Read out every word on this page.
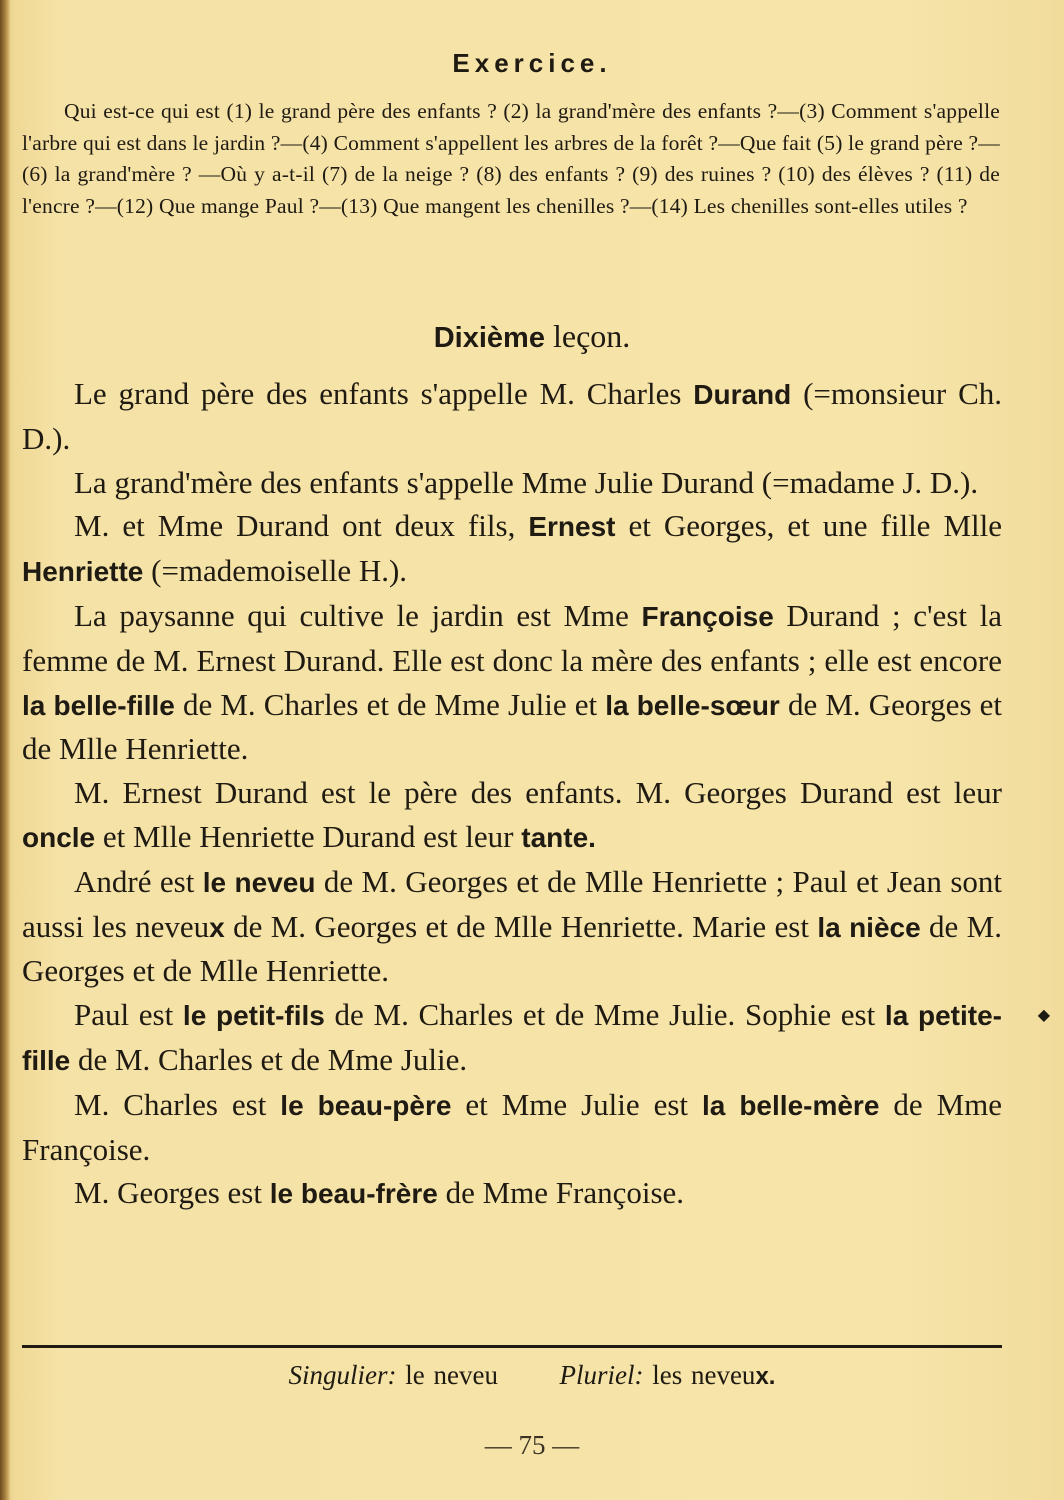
Exercice.
Qui est-ce qui est (1) le grand père des enfants ? (2) la grand'mère des enfants ?—(3) Comment s'appelle l'arbre qui est dans le jardin ?—(4) Comment s'appellent les arbres de la forêt ?—Que fait (5) le grand père ?—(6) la grand'mère ? —Où y a-t-il (7) de la neige ? (8) des enfants ? (9) des ruines ? (10) des élèves ? (11) de l'encre ?—(12) Que mange Paul ?—(13) Que mangent les chenilles ?—(14) Les chenilles sont-elles utiles ?
Dixième leçon.

Le grand père des enfants s'appelle M. Charles Durand (=monsieur Ch. D.).

La grand'mère des enfants s'appelle Mme Julie Durand (=madame J. D.).

M. et Mme Durand ont deux fils, Ernest et Georges, et une fille Mlle Henriette (=mademoiselle H.).

La paysanne qui cultive le jardin est Mme Françoise Durand ; c'est la femme de M. Ernest Durand. Elle est donc la mère des enfants ; elle est encore la belle-fille de M. Charles et de Mme Julie et la belle-sœur de M. Georges et de Mlle Henriette.

M. Ernest Durand est le père des enfants. M. Georges Durand est leur oncle et Mlle Henriette Durand est leur tante.

André est le neveu de M. Georges et de Mlle Henriette ; Paul et Jean sont aussi les neveux de M. Georges et de Mlle Henriette. Marie est la nièce de M. Georges et de Mlle Henriette.

Paul est le petit-fils de M. Charles et de Mme Julie. Sophie est la petite-fille de M. Charles et de Mme Julie.

M. Charles est le beau-père et Mme Julie est la belle-mère de Mme Françoise.

M. Georges est le beau-frère de Mme Françoise.

Singulier: le neveu Pluriel: les neveux.
— 75 —
◆
